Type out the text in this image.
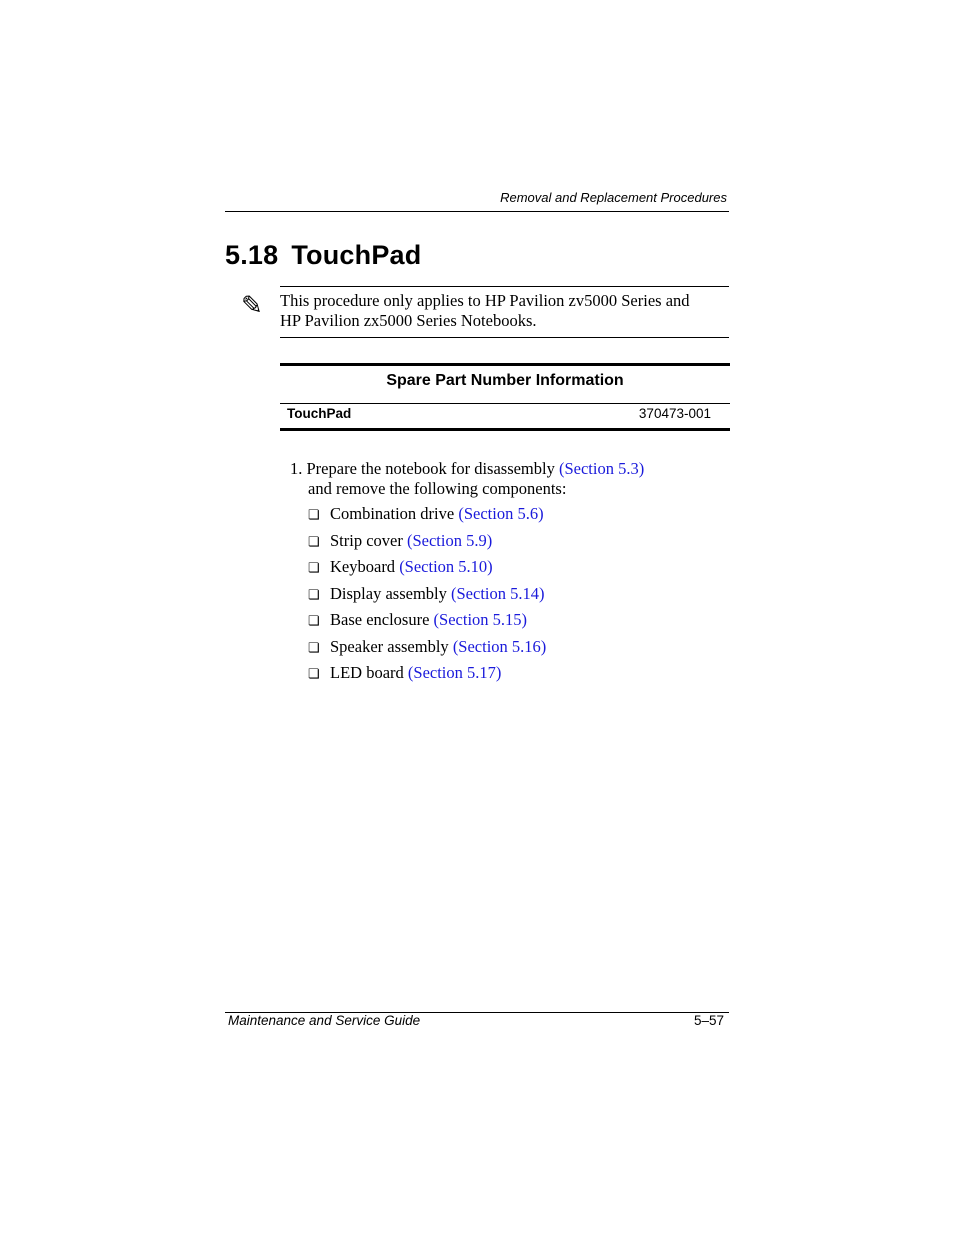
Removal and Replacement Procedures
5.18 TouchPad
✎ This procedure only applies to HP Pavilion zv5000 Series and
HP Pavilion zx5000 Series Notebooks.
Spare Part Number Information
TouchPad	370473-001
1. Prepare the notebook for disassembly (Section 5.3)
and remove the following components:
❏ Combination drive (Section 5.6)
❏ Strip cover (Section 5.9)
❏ Keyboard (Section 5.10)
❏ Display assembly (Section 5.14)
❏ Base enclosure (Section 5.15)
❏ Speaker assembly (Section 5.16)
❏ LED board (Section 5.17)
Maintenance and Service Guide	5–57
